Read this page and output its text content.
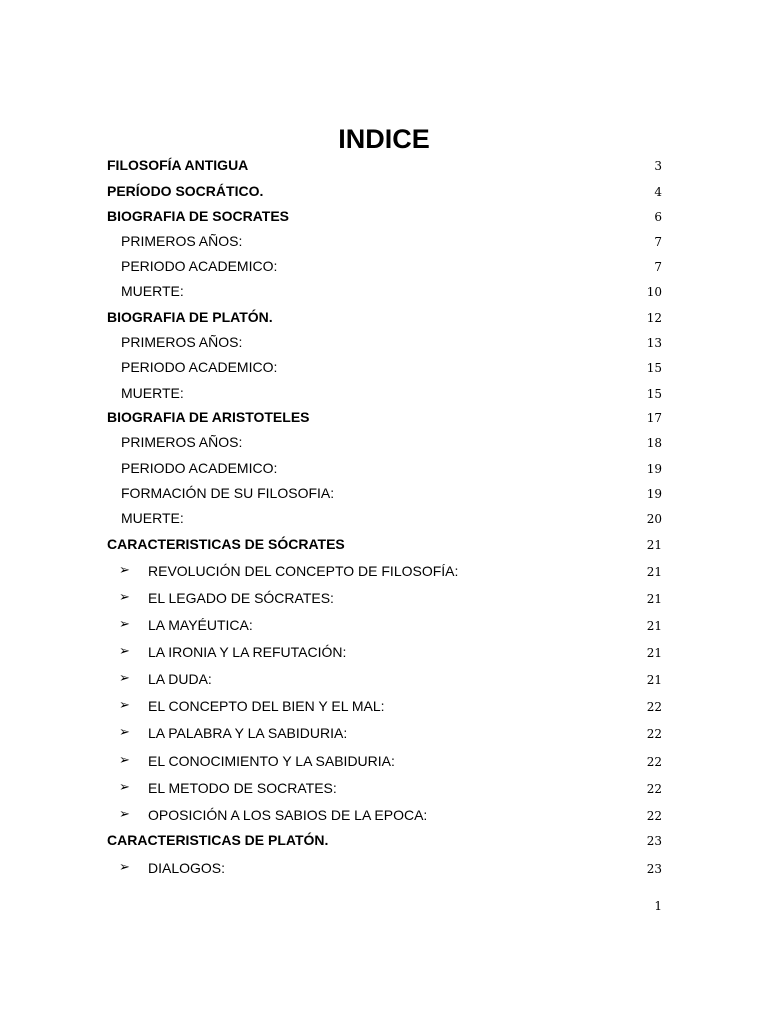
INDICE
FILOSOFÍA ANTIGUA	3
PERÍODO SOCRÁTICO.	4
BIOGRAFIA DE SOCRATES	6
PRIMEROS AÑOS:	7
PERIODO ACADEMICO:	7
MUERTE:	10
BIOGRAFIA DE PLATÓN.	12
PRIMEROS AÑOS:	13
PERIODO ACADEMICO:	15
MUERTE:	15
BIOGRAFIA DE ARISTOTELES	17
PRIMEROS AÑOS:	18
PERIODO ACADEMICO:	19
FORMACIÓN DE SU FILOSOFIA:	19
MUERTE:	20
CARACTERISTICAS DE SÓCRATES	21
➢ REVOLUCIÓN DEL CONCEPTO DE FILOSOFÍA:	21
➢ EL LEGADO DE SÓCRATES:	21
➢ LA MAYÉUTICA:	21
➢ LA IRONIA Y LA REFUTACIÓN:	21
➢ LA DUDA:	21
➢ EL CONCEPTO DEL BIEN Y EL MAL:	22
➢ LA PALABRA Y LA SABIDURIA:	22
➢ EL CONOCIMIENTO Y LA SABIDURIA:	22
➢ EL METODO DE SOCRATES:	22
➢ OPOSICIÓN A LOS SABIOS DE LA EPOCA:	22
CARACTERISTICAS DE PLATÓN.	23
➢ DIALOGOS:	23
1
